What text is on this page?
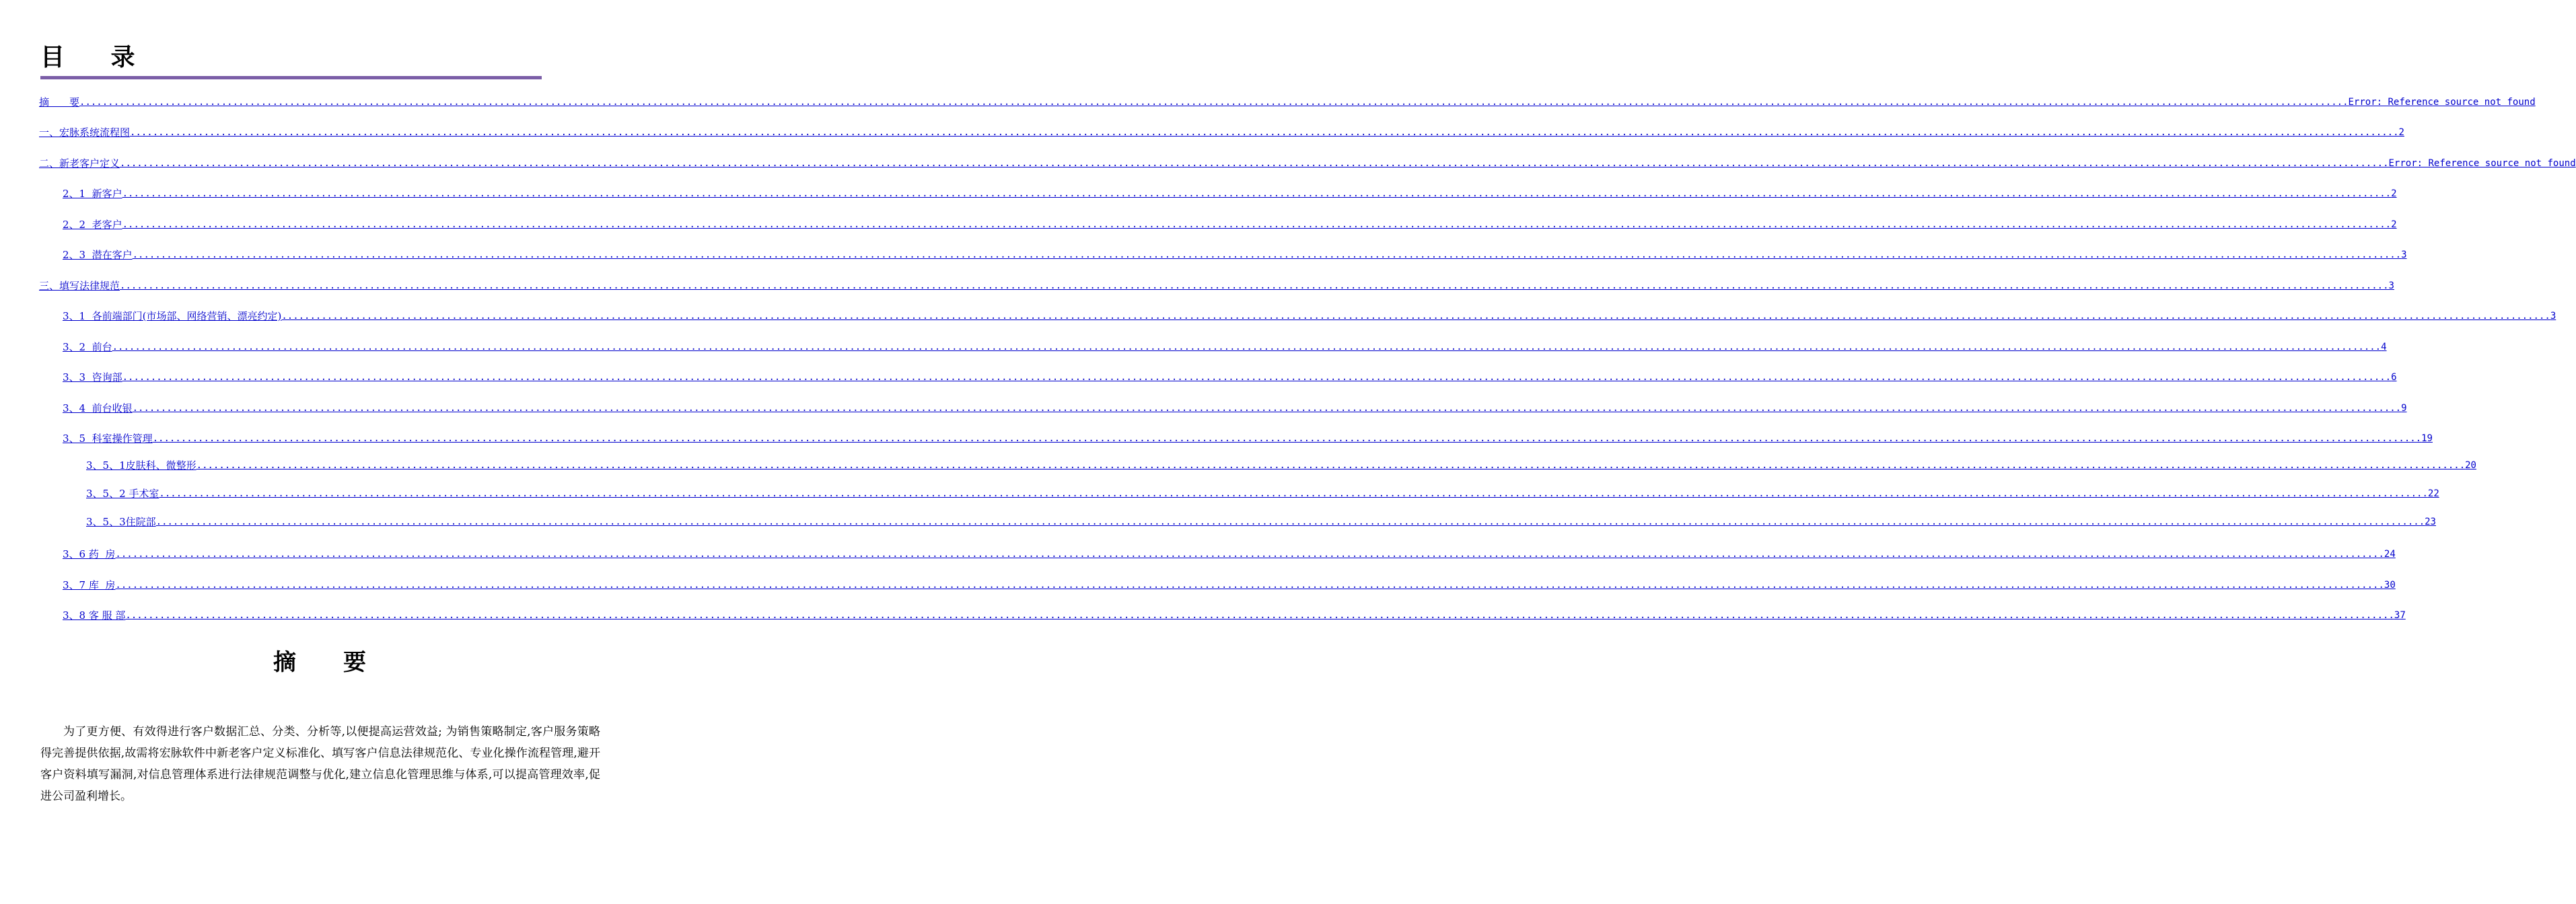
目 录
摘　　要 ................................................................................................................................................................................................................................................................................................................................................................................................................ Error: Reference source not found
一、宏脉系统流程图 ................................................................................................................................................................................................................................................................................................................................................................................................................ 2
二、新老客户定义 ................................................................................................................................................................................................................................................................................................................................................................................................................ Error: Reference source not found
2、1  新客户 ................................................................................................................................................................................................................................................................................................................................................................................................................ 2
2、2  老客户 ................................................................................................................................................................................................................................................................................................................................................................................................................ 2
2、3  潜在客户 ................................................................................................................................................................................................................................................................................................................................................................................................................ 3
三、填写法律规范 ................................................................................................................................................................................................................................................................................................................................................................................................................ 3
3、1  各前端部门(市场部、网络营销、漂亮约定) ................................................................................................................................................................................................................................................................................................................................................................................................................ 3
3、2  前台 ................................................................................................................................................................................................................................................................................................................................................................................................................ 4
3、3  咨询部 ................................................................................................................................................................................................................................................................................................................................................................................................................ 6
3、4  前台收银 ................................................................................................................................................................................................................................................................................................................................................................................................................ 9
3、5  科室操作管理 ................................................................................................................................................................................................................................................................................................................................................................................................................ 19
3、5、1皮肤科、微整形 ................................................................................................................................................................................................................................................................................................................................................................................................................ 20
3、5、2 手术室 ................................................................................................................................................................................................................................................................................................................................................................................................................ 22
3、5、3住院部 ................................................................................................................................................................................................................................................................................................................................................................................................................ 23
3、6 药  房 ................................................................................................................................................................................................................................................................................................................................................................................................................ 24
3、7 库  房 ................................................................................................................................................................................................................................................................................................................................................................................................................ 30
3、8 客 服 部 ................................................................................................................................................................................................................................................................................................................................................................................................................ 37
摘要

为了更方便、有效得进行客户数据汇总、分类、分析等,以便提高运营效益; 为销售策略制定,客户服务策略得完善提供依据,故需将宏脉软件中新老客户定义标准化、填写客户信息法律规范化、专业化操作流程管理,避开客户资料填写漏洞,对信息管理体系进行法律规范调整与优化,建立信息化管理思维与体系,可以提高管理效率,促进公司盈利增长。
